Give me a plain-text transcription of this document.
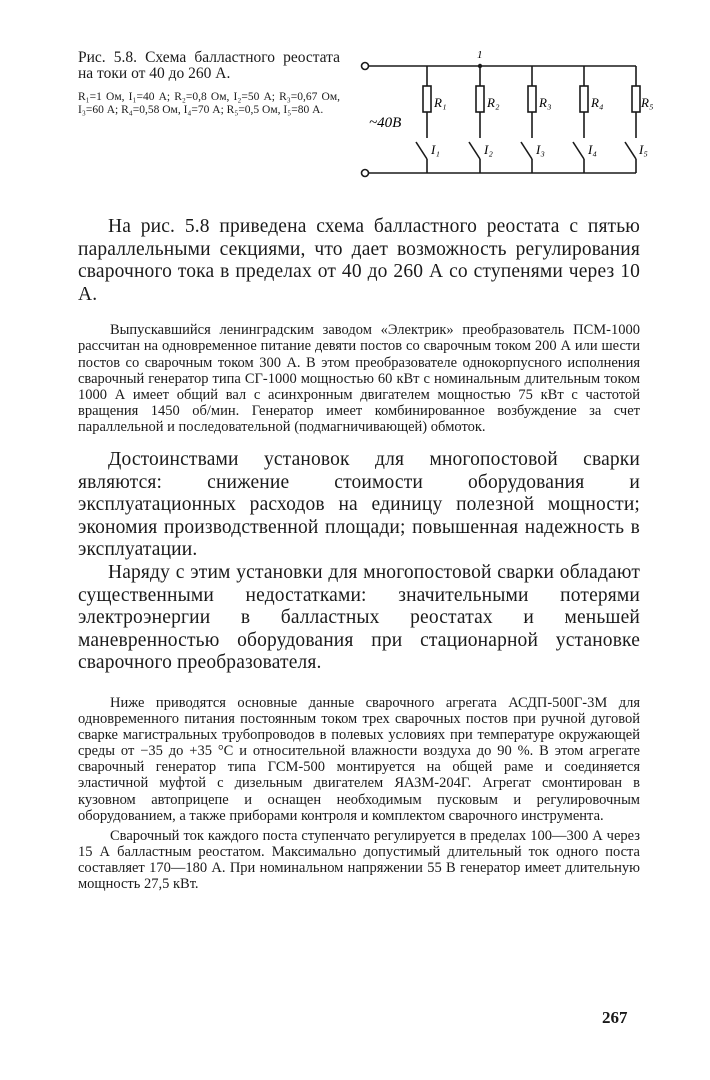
Рис. 5.8. Схема балластного реостата на токи от 40 до 260 А.

R₁=1 Ом, I₁=40 А; R₂=0,8 Ом, I₂=50 А; R₃=0,67 Ом, I₃=60 А; R₄=0,58 Ом, I₄=70 А; R₅=0,5 Ом, I₅=80 А.

1
~40В
R₁
I₁
R₂
I₂
R₃
I₃
R₄
I₄
R₅
I₅

На рис. 5.8 приведена схема балластного реостата с пятью параллельными секциями, что дает возможность регулирования сварочного тока в пределах от 40 до 260 А со ступенями через 10 А.

Выпускавшийся ленинградским заводом «Электрик» преобразователь ПСМ-1000 рассчитан на одновременное питание девяти постов со сварочным током 200 А или шести постов со сварочным током 300 А. В этом преобразователе однокорпусного исполнения сварочный генератор типа СГ-1000 мощностью 60 кВт с номинальным длительным током 1000 А имеет общий вал с асинхронным двигателем мощностью 75 кВт с частотой вращения 1450 об/мин. Генератор имеет комбинированное возбуждение за счет параллельной и последовательной (подмагничивающей) обмоток.

Достоинствами установок для многопостовой сварки являются: снижение стоимости оборудования и эксплуатационных расходов на единицу полезной мощности; экономия производственной площади; повышенная надежность в эксплуатации.

Наряду с этим установки для многопостовой сварки обладают существенными недостатками: значительными потерями электроэнергии в балластных реостатах и меньшей маневренностью оборудования при стационарной установке сварочного преобразователя.

Ниже приводятся основные данные сварочного агрегата АСДП-500Г-3М для одновременного питания постоянным током трех сварочных постов при ручной дуговой сварке магистральных трубопроводов в полевых условиях при температуре окружающей среды от −35 до +35 °С и относительной влажности воздуха до 90 %. В этом агрегате сварочный генератор типа ГСМ-500 монтируется на общей раме и соединяется эластичной муфтой с дизельным двигателем ЯАЗМ-204Г. Агрегат смонтирован в кузовном автоприцепе и оснащен необходимым пусковым и регулировочным оборудованием, а также приборами контроля и комплектом сварочного инструмента.

Сварочный ток каждого поста ступенчато регулируется в пределах 100—300 А через 15 А балластным реостатом. Максимально допустимый длительный ток одного поста составляет 170—180 А. При номинальном напряжении 55 В генератор имеет длительную мощность 27,5 кВт.

267
